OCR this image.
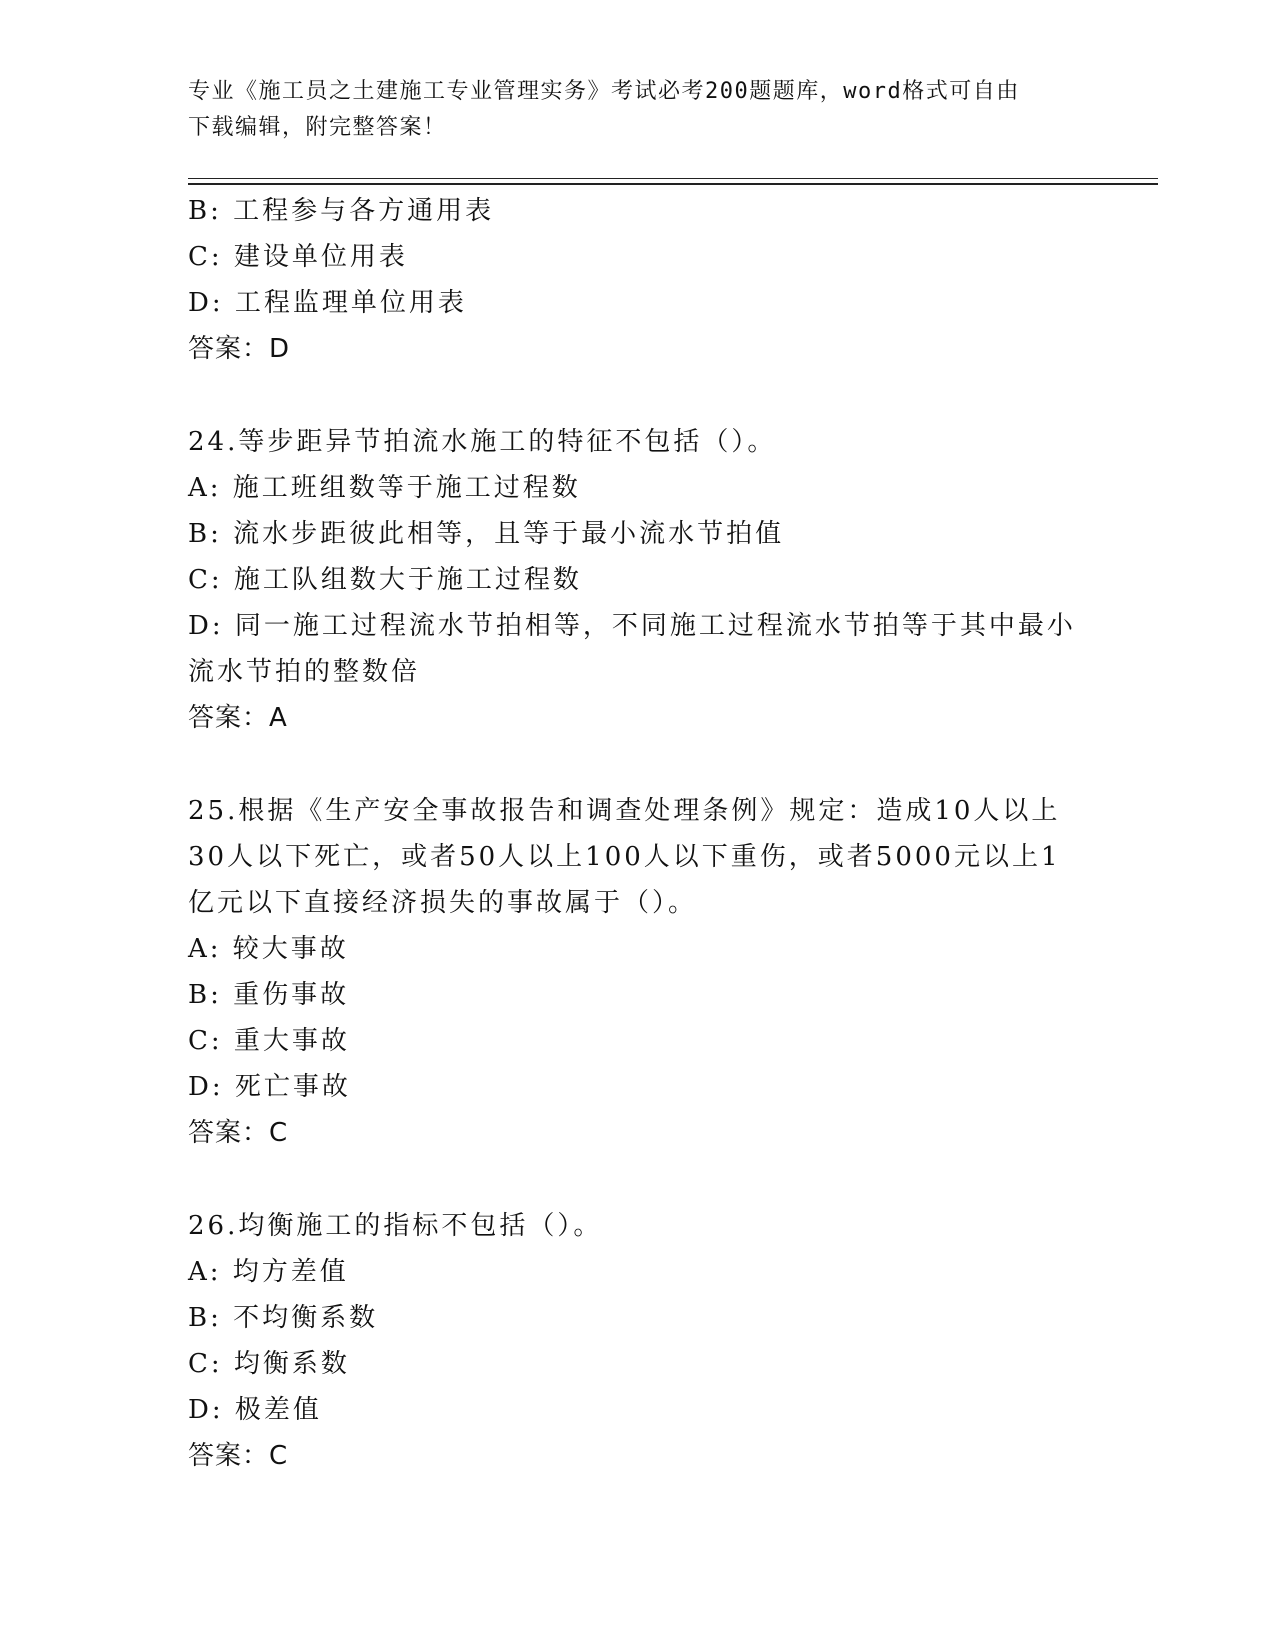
专业《施工员之土建施工专业管理实务》考试必考200题题库，word格式可自由
下载编辑，附完整答案！
B: 工程参与各方通用表
C: 建设单位用表
D: 工程监理单位用表
答案：D
24.等步距异节拍流水施工的特征不包括（）。
A: 施工班组数等于施工过程数
B: 流水步距彼此相等，且等于最小流水节拍值
C: 施工队组数大于施工过程数
D: 同一施工过程流水节拍相等，不同施工过程流水节拍等于其中最小
流水节拍的整数倍
答案：A
25.根据《生产安全事故报告和调查处理条例》规定：造成10人以上
30人以下死亡，或者50人以上100人以下重伤，或者5000元以上1
亿元以下直接经济损失的事故属于（）。
A: 较大事故
B: 重伤事故
C: 重大事故
D: 死亡事故
答案：C
26.均衡施工的指标不包括（）。
A: 均方差值
B: 不均衡系数
C: 均衡系数
D: 极差值
答案：C
